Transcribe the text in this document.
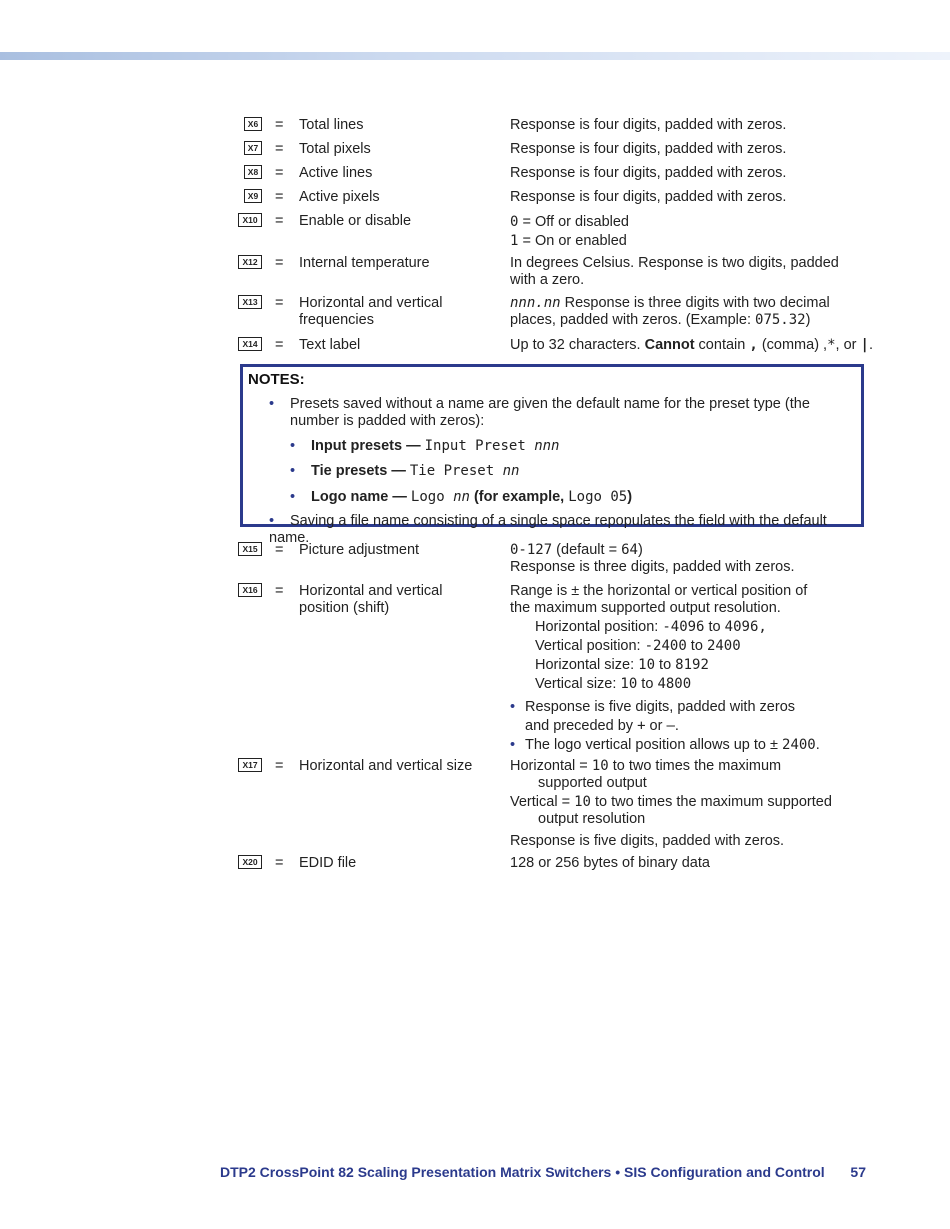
X6 = Total lines	Response is four digits, padded with zeros.
X7 = Total pixels	Response is four digits, padded with zeros.
X8 = Active lines	Response is four digits, padded with zeros.
X9 = Active pixels	Response is four digits, padded with zeros.
X10	= Enable or disable	0 = Off or disabled
1 = On or enabled
X12	= Internal temperature	In degrees Celsius. Response is two digits, padded with a zero.
X13	= Horizontal and vertical frequencies
nnn.nn Response is three digits with two decimal places, padded with zeros. (Example: 075.32)
X14	= Text label	Up to 32 characters. Cannot contain , (comma) ,*, or |.
NOTES:
•	Presets saved without a name are given the default name for the preset type (the number is padded with zeros):
• Input presets — Input Preset nnn
• Tie presets — Tie Preset nn
• Logo name — Logo nn (for example, Logo 05)
• Saving a file name consisting of a single space repopulates the field with the default name.
X15	= Picture adjustment	0-127 (default = 64)
Response is three digits, padded with zeros.
X16	= Horizontal and vertical position (shift)
Range is ± the horizontal or vertical position of the maximum supported output resolution.
Horizontal position: -4096 to 4096,
Vertical position: -2400 to 2400
Horizontal size: 10 to 8192
Vertical size: 10 to 4800
• Response is five digits, padded with zeros and preceded by + or –.
• The logo vertical position allows up to ± 2400.
X17	= Horizontal and vertical size	Horizontal = 10 to two times the maximum supported output
Vertical = 10 to two times the maximum supported output resolution
Response is five digits, padded with zeros.
X20	= EDID file	128 or 256 bytes of binary data
DTP2 CrossPoint 82 Scaling Presentation Matrix Switchers • SIS Configuration and Control 57
